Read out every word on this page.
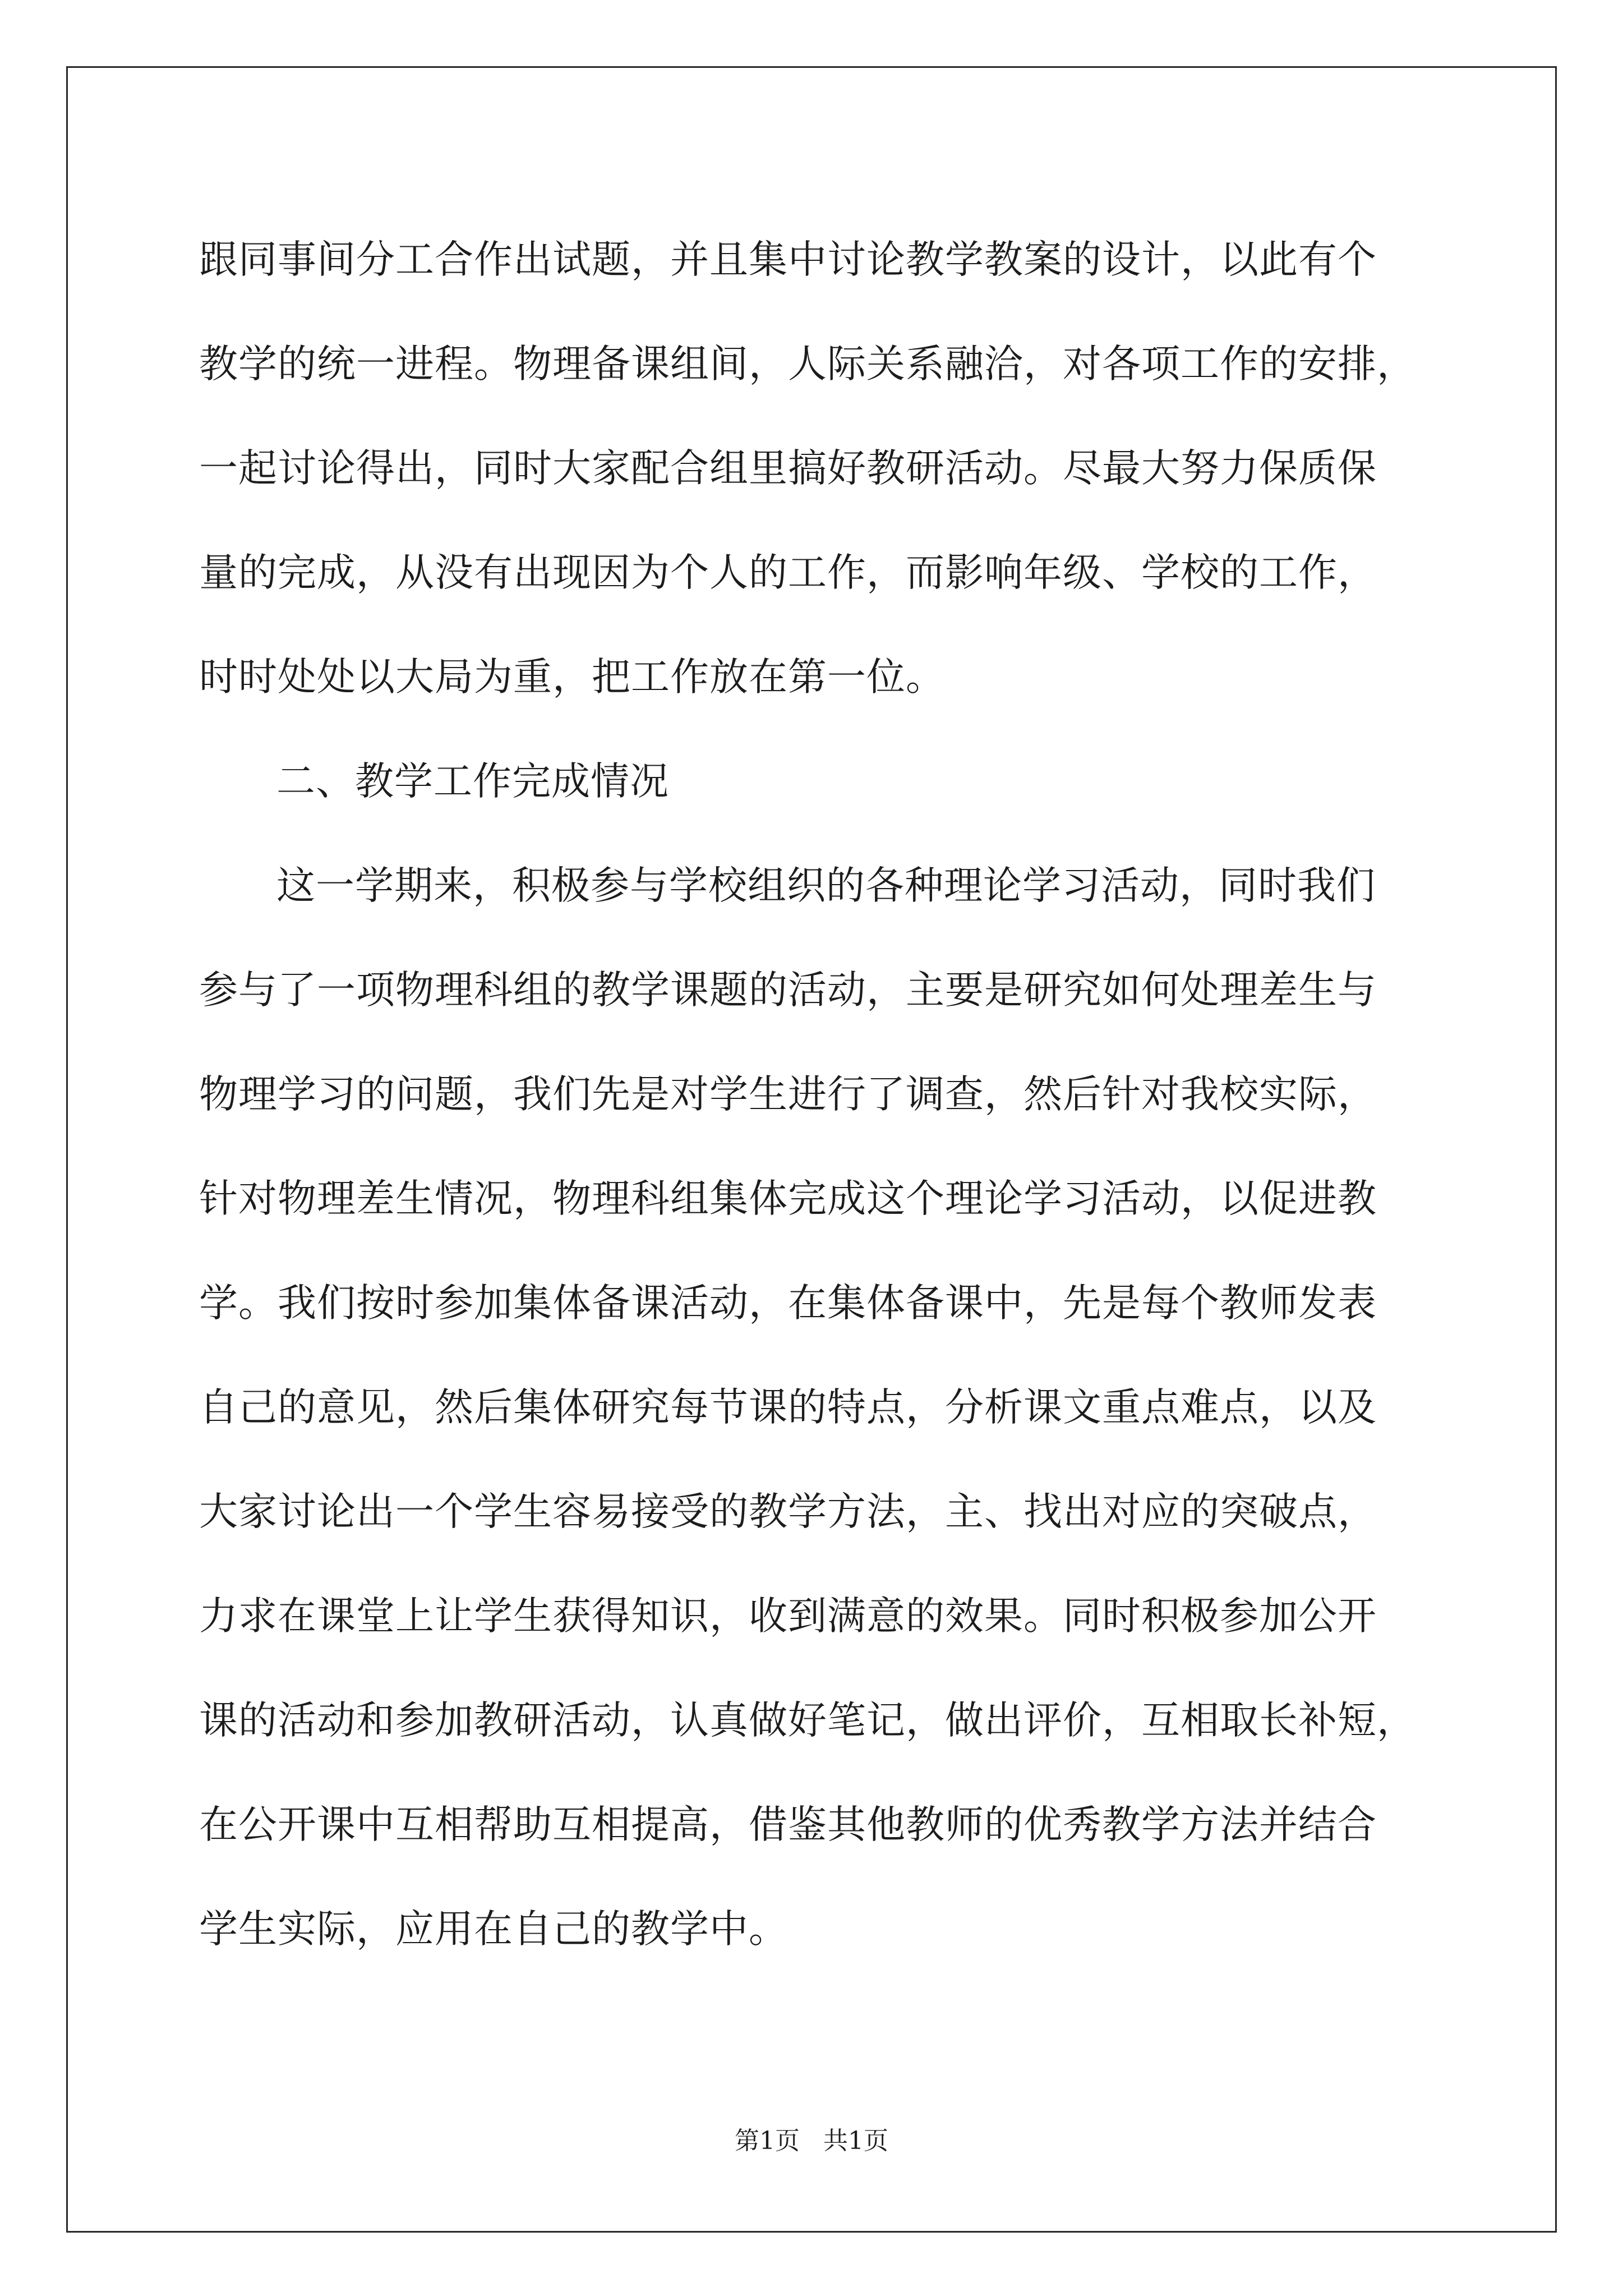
跟同事间分工合作出试题，并且集中讨论教学教案的设计，以此有个
教学的统一进程。物理备课组间，人际关系融洽，对各项工作的安排，
一起讨论得出，同时大家配合组里搞好教研活动。尽最大努力保质保
量的完成，从没有出现因为个人的工作，而影响年级、学校的工作，
时时处处以大局为重，把工作放在第一位。
二、教学工作完成情况
这一学期来，积极参与学校组织的各种理论学习活动，同时我们
参与了一项物理科组的教学课题的活动，主要是研究如何处理差生与
物理学习的问题，我们先是对学生进行了调查，然后针对我校实际，
针对物理差生情况，物理科组集体完成这个理论学习活动，以促进教
学。我们按时参加集体备课活动，在集体备课中，先是每个教师发表
自己的意见，然后集体研究每节课的特点，分析课文重点难点，以及
大家讨论出一个学生容易接受的教学方法，主、找出对应的突破点，
力求在课堂上让学生获得知识，收到满意的效果。同时积极参加公开
课的活动和参加教研活动，认真做好笔记，做出评价，互相取长补短，
在公开课中互相帮助互相提高，借鉴其他教师的优秀教学方法并结合
学生实际，应用在自己的教学中。
第1页   共1页
